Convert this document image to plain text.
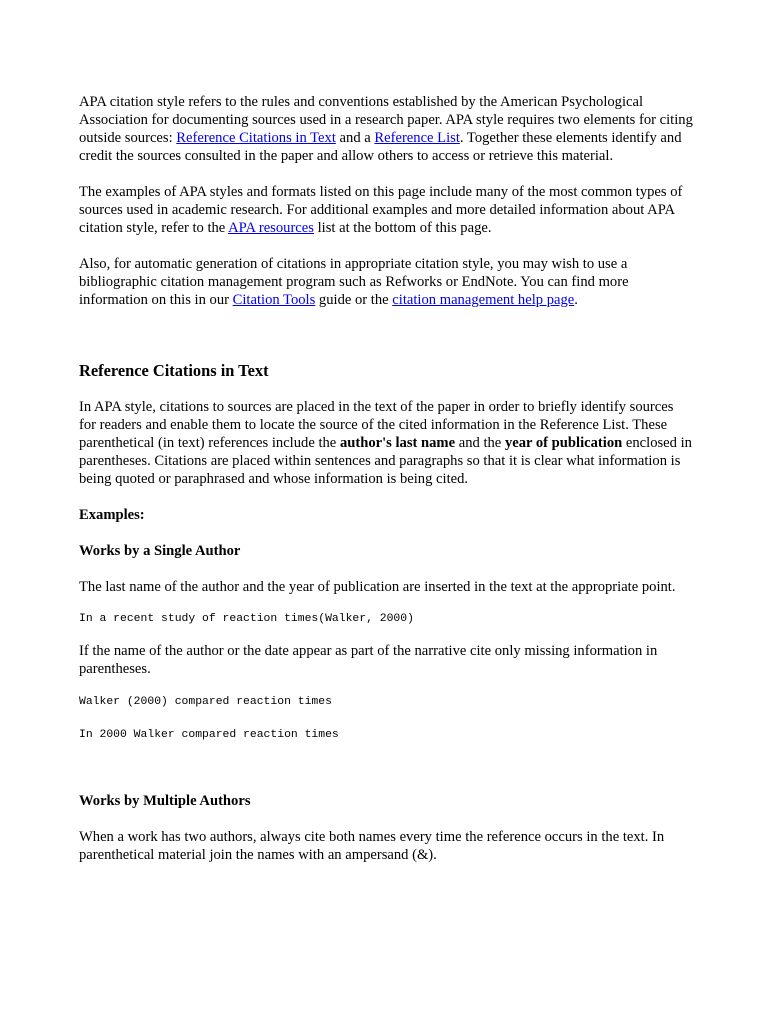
APA citation style refers to the rules and conventions established by the American Psychological Association for documenting sources used in a research paper. APA style requires two elements for citing outside sources: Reference Citations in Text and a Reference List. Together these elements identify and credit the sources consulted in the paper and allow others to access or retrieve this material.

The examples of APA styles and formats listed on this page include many of the most common types of sources used in academic research. For additional examples and more detailed information about APA citation style, refer to the APA resources list at the bottom of this page.

Also, for automatic generation of citations in appropriate citation style, you may wish to use a bibliographic citation management program such as Refworks or EndNote. You can find more information on this in our Citation Tools guide or the citation management help page.

Reference Citations in Text

In APA style, citations to sources are placed in the text of the paper in order to briefly identify sources for readers and enable them to locate the source of the cited information in the Reference List. These parenthetical (in text) references include the author's last name and the year of publication enclosed in parentheses. Citations are placed within sentences and paragraphs so that it is clear what information is being quoted or paraphrased and whose information is being cited.

Examples:

Works by a Single Author

The last name of the author and the year of publication are inserted in the text at the appropriate point.

In a recent study of reaction times(Walker, 2000)

If the name of the author or the date appear as part of the narrative cite only missing information in parentheses.

Walker (2000) compared reaction times

In 2000 Walker compared reaction times

Works by Multiple Authors

When a work has two authors, always cite both names every time the reference occurs in the text. In parenthetical material join the names with an ampersand (&).
